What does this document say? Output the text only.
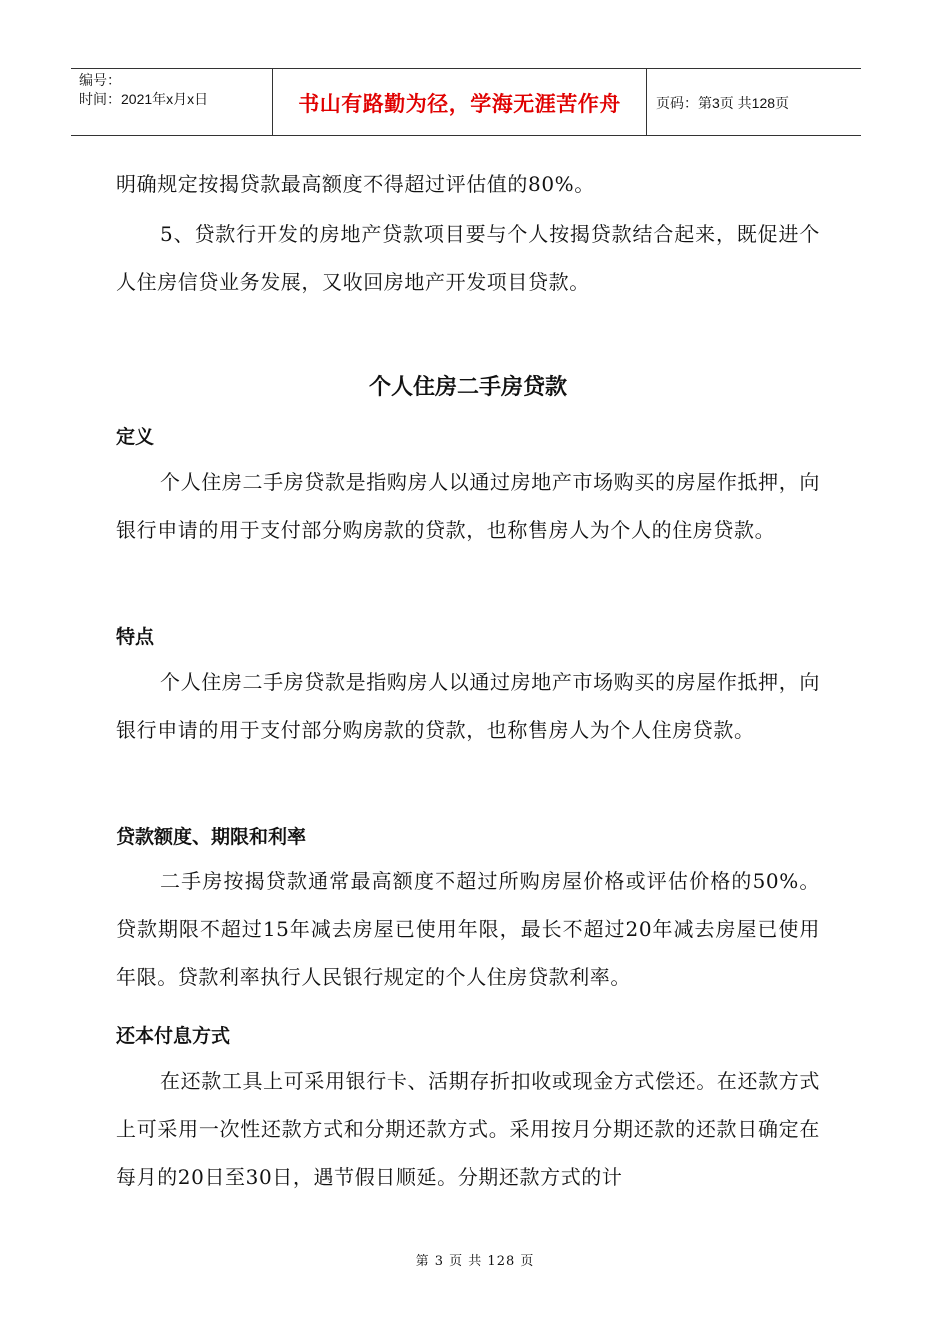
编号：
时间：2021年x月x日	书山有路勤为径，学海无涯苦作舟	页码：第3页 共128页

明确规定按揭贷款最高额度不得超过评估值的80%。

5、贷款行开发的房地产贷款项目要与个人按揭贷款结合起来，既促进个人住房信贷业务发展，又收回房地产开发项目贷款。

个人住房二手房贷款
定义

个人住房二手房贷款是指购房人以通过房地产市场购买的房屋作抵押，向银行申请的用于支付部分购房款的贷款，也称售房人为个人的住房贷款。

特点

个人住房二手房贷款是指购房人以通过房地产市场购买的房屋作抵押，向银行申请的用于支付部分购房款的贷款，也称售房人为个人住房贷款。

贷款额度、期限和利率

二手房按揭贷款通常最高额度不超过所购房屋价格或评估价格的50%。贷款期限不超过15年减去房屋已使用年限，最长不超过20年减去房屋已使用年限。贷款利率执行人民银行规定的个人住房贷款利率。

还本付息方式

在还款工具上可采用银行卡、活期存折扣收或现金方式偿还。在还款方式上可采用一次性还款方式和分期还款方式。采用按月分期还款的还款日确定在每月的20日至30日，遇节假日顺延。分期还款方式的计

第 3 页 共 128 页
